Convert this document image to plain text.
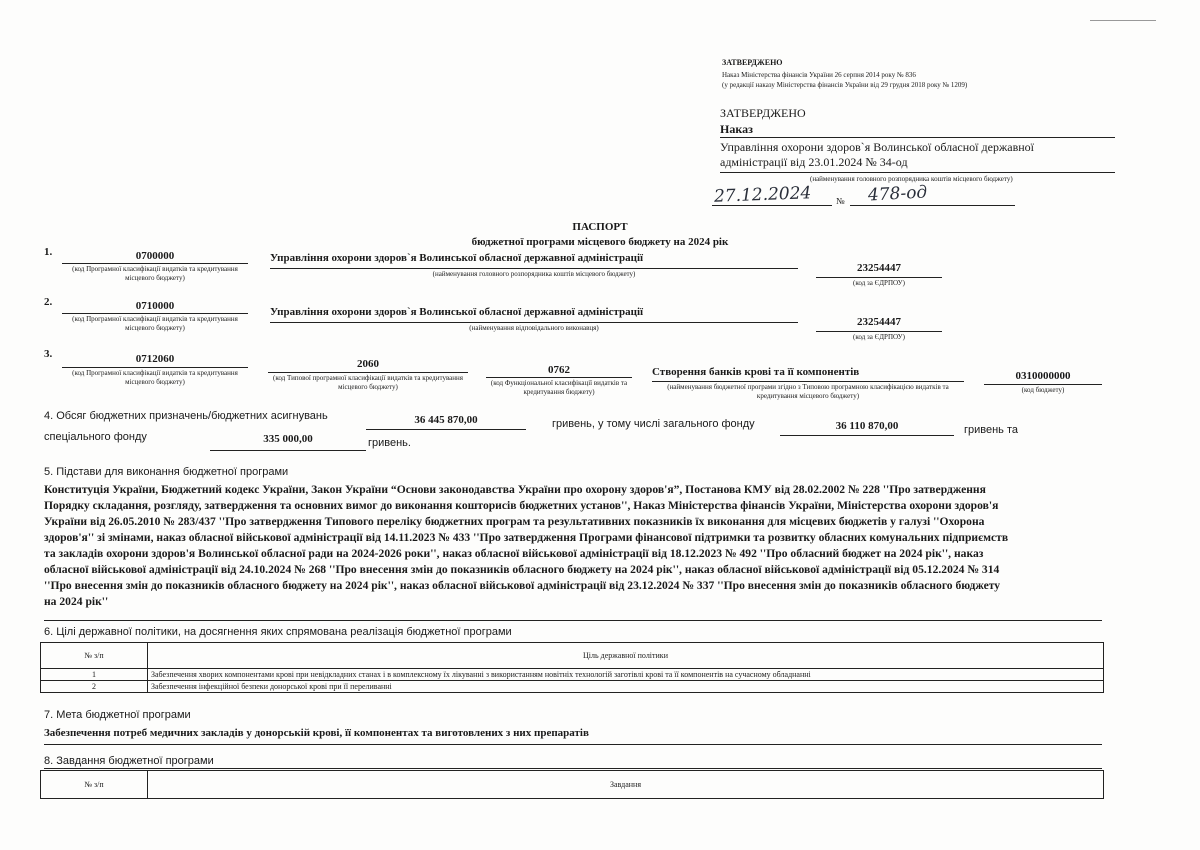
ЗАТВЕРДЖЕНО
Наказ Міністерства фінансів України 26 серпня 2014 року № 836
(у редакції наказу Міністерства фінансів України від 29 грудня 2018 року № 1209)
ЗАТВЕРДЖЕНО
Наказ
Управління охорони здоров`я Волинської обласної державної
адміністрації від 23.01.2024 № 34-од
(найменування головного розпорядника коштів місцевого бюджету)
27.12.2024	№ 478-од
ПАСПОРТ
бюджетної програми місцевого бюджету на 2024 рік
1.	0700000
(код Програмної класифікації видатків та кредитування місцевого бюджету)
Управління охорони здоров`я Волинської обласної державної адміністрації
(найменування головного розпорядника коштів місцевого бюджету)	23254447
(код за ЄДРПОУ)
2.	0710000
(код Програмної класифікації видатків та кредитування місцевого бюджету)
Управління охорони здоров`я Волинської обласної державної адміністрації
(найменування відповідального виконавця)	23254447
(код за ЄДРПОУ)
3.	0712060
(код Програмної класифікації видатків та кредитування місцевого бюджету)
2060
(код Типової програмної класифікації видатків та кредитування місцевого бюджету)
0762
(код Функціональної класифікації видатків та кредитування бюджету)
Створення банків крові та її компонентів
(найменування бюджетної програми згідно з Типовою програмною класифікацією видатків та кредитування місцевого бюджету)
0310000000
(код бюджету)
4. Обсяг бюджетних призначень/бюджетних асигнувань	36 445 870,00	гривень, у тому числі загального фонду	36 110 870,00	гривень та
спеціального фонду	335 000,00	гривень.
5. Підстави для виконання бюджетної програми
Конституція України, Бюджетний кодекс України, Закон України “Основи законодавства України про охорону здоров'я”, Постанова КМУ від 28.02.2002 № 228 ''Про затвердження
Порядку складання, розгляду, затвердження та основних вимог до виконання кошторисів бюджетних установ'', Наказ Міністерства фінансів України, Міністерства охорони здоров'я
України від 26.05.2010 № 283/437 ''Про затвердження Типового переліку бюджетних програм та результативних показників їх виконання для місцевих бюджетів у галузі ''Охорона
здоров'я'' зі змінами, наказ обласної військової адміністрації від 14.11.2023 № 433 ''Про затвердження Програми фінансової підтримки та розвитку обласних комунальних підприємств
та закладів охорони здоров'я Волинської обласної ради на 2024-2026 роки'', наказ обласної військової адміністрації від 18.12.2023 № 492 ''Про обласний бюджет на 2024 рік'', наказ
обласної військової адміністрації від 24.10.2024 № 268 ''Про внесення змін до показників обласного бюджету на 2024 рік'', наказ обласної військової адміністрації від 05.12.2024 № 314
''Про внесення змін до показників обласного бюджету на 2024 рік'', наказ обласної військової адміністрації від 23.12.2024 № 337 ''Про внесення змін до показників обласного бюджету
на 2024 рік''
6. Цілі державної політики, на досягнення яких спрямована реалізація бюджетної програми
№ з/п	Ціль державної політики
1	Забезпечення хворих компонентами крові при невідкладних станах і в комплексному їх лікуванні з використанням новітніх технологій заготівлі крові та її компонентів на сучасному обладнанні
2	Забезпечення інфекційної безпеки донорської крові при її переливанні
7. Мета бюджетної програми
Забезпечення потреб медичних закладів у донорській крові, її компонентах та виготовлених з них препаратів
8. Завдання бюджетної програми
№ з/п	Завдання
